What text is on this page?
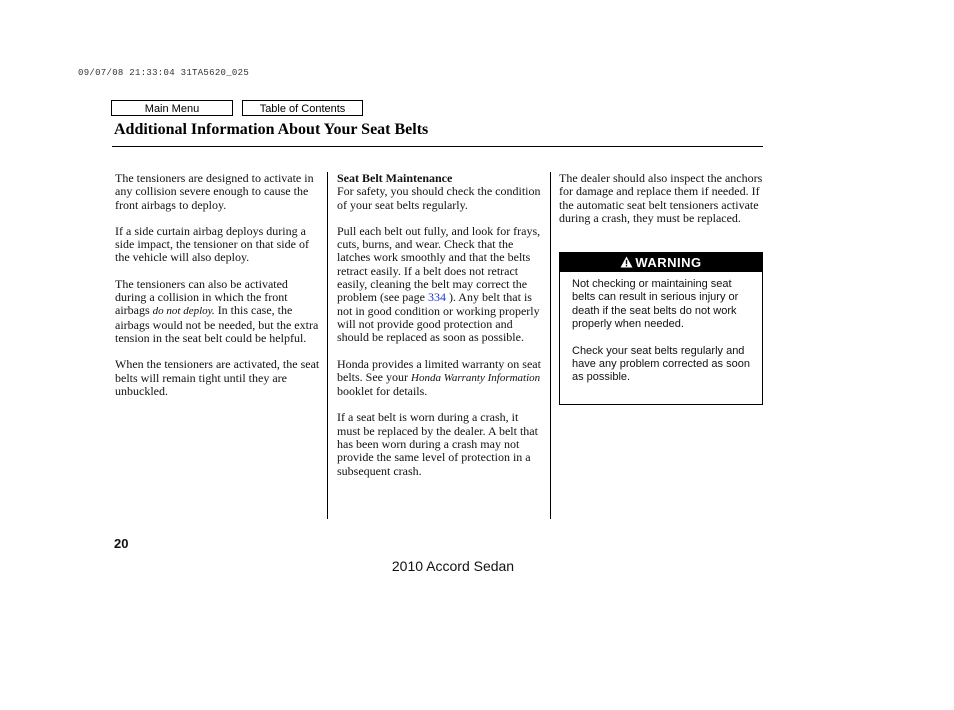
09/07/08 21:33:04 31TA5620_025
Main Menu	Table of Contents
Additional Information About Your Seat Belts

The tensioners are designed to activate in any collision severe enough to cause the front airbags to deploy.

If a side curtain airbag deploys during a side impact, the tensioner on that side of the vehicle will also deploy.

The tensioners can also be activated during a collision in which the front airbags do not deploy. In this case, the airbags would not be needed, but the extra tension in the seat belt could be helpful.

When the tensioners are activated, the seat belts will remain tight until they are unbuckled.

Seat Belt Maintenance

For safety, you should check the condition of your seat belts regularly.

Pull each belt out fully, and look for frays, cuts, burns, and wear. Check that the latches work smoothly and that the belts retract easily. If a belt does not retract easily, cleaning the belt may correct the problem (see page 334 ). Any belt that is not in good condition or working properly will not provide good protection and should be replaced as soon as possible.

Honda provides a limited warranty on seat belts. See your Honda Warranty Information booklet for details.

If a seat belt is worn during a crash, it must be replaced by the dealer. A belt that has been worn during a crash may not provide the same level of protection in a subsequent crash.

The dealer should also inspect the anchors for damage and replace them if needed. If the automatic seat belt tensioners activate during a crash, they must be replaced.

WARNING

Not checking or maintaining seat belts can result in serious injury or death if the seat belts do not work properly when needed.

Check your seat belts regularly and have any problem corrected as soon as possible.

20
2010 Accord Sedan
